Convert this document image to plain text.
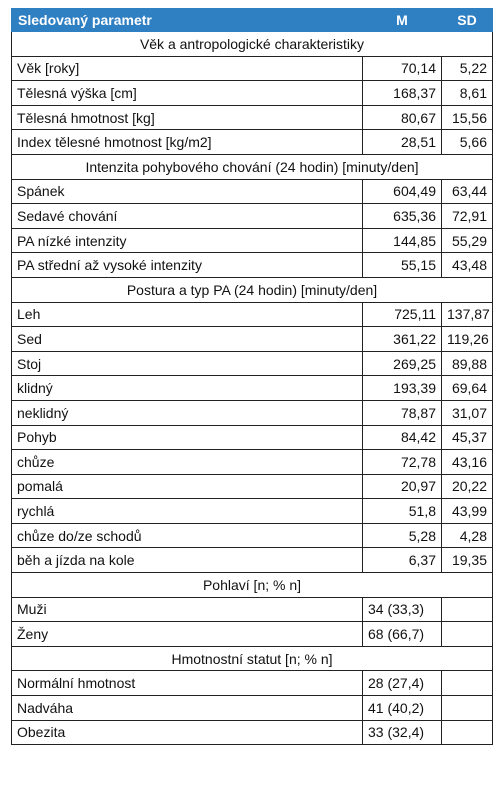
Sledovaný parametr	M	SD
Věk a antropologické charakteristiky		
Věk [roky]	70,14	5,22
Tělesná výška [cm]	168,37	8,61
Tělesná hmotnost [kg]	80,67	15,56
Index tělesné hmotnost [kg/m2]	28,51	5,66
Intenzita pohybového chování (24 hodin) [minuty/den]		
Spánek	604,49	63,44
Sedavé chování	635,36	72,91
PA nízké intenzity	144,85	55,29
PA střední až vysoké intenzity	55,15	43,48
Postura a typ PA (24 hodin) [minuty/den]		
Leh	725,11	137,87
Sed	361,22	119,26
Stoj	269,25	89,88
klidný	193,39	69,64
neklidný	78,87	31,07
Pohyb	84,42	45,37
chůze	72,78	43,16
pomalá	20,97	20,22
rychlá	51,8	43,99
chůze do/ze schodů	5,28	4,28
běh a jízda na kole	6,37	19,35
Pohlaví [n; % n]		
Muži	34 (33,3)	
Ženy	68 (66,7)	
Hmotnostní statut [n; % n]		
Normální hmotnost	28 (27,4)	
Nadváha	41 (40,2)	
Obezita	33 (32,4)	
